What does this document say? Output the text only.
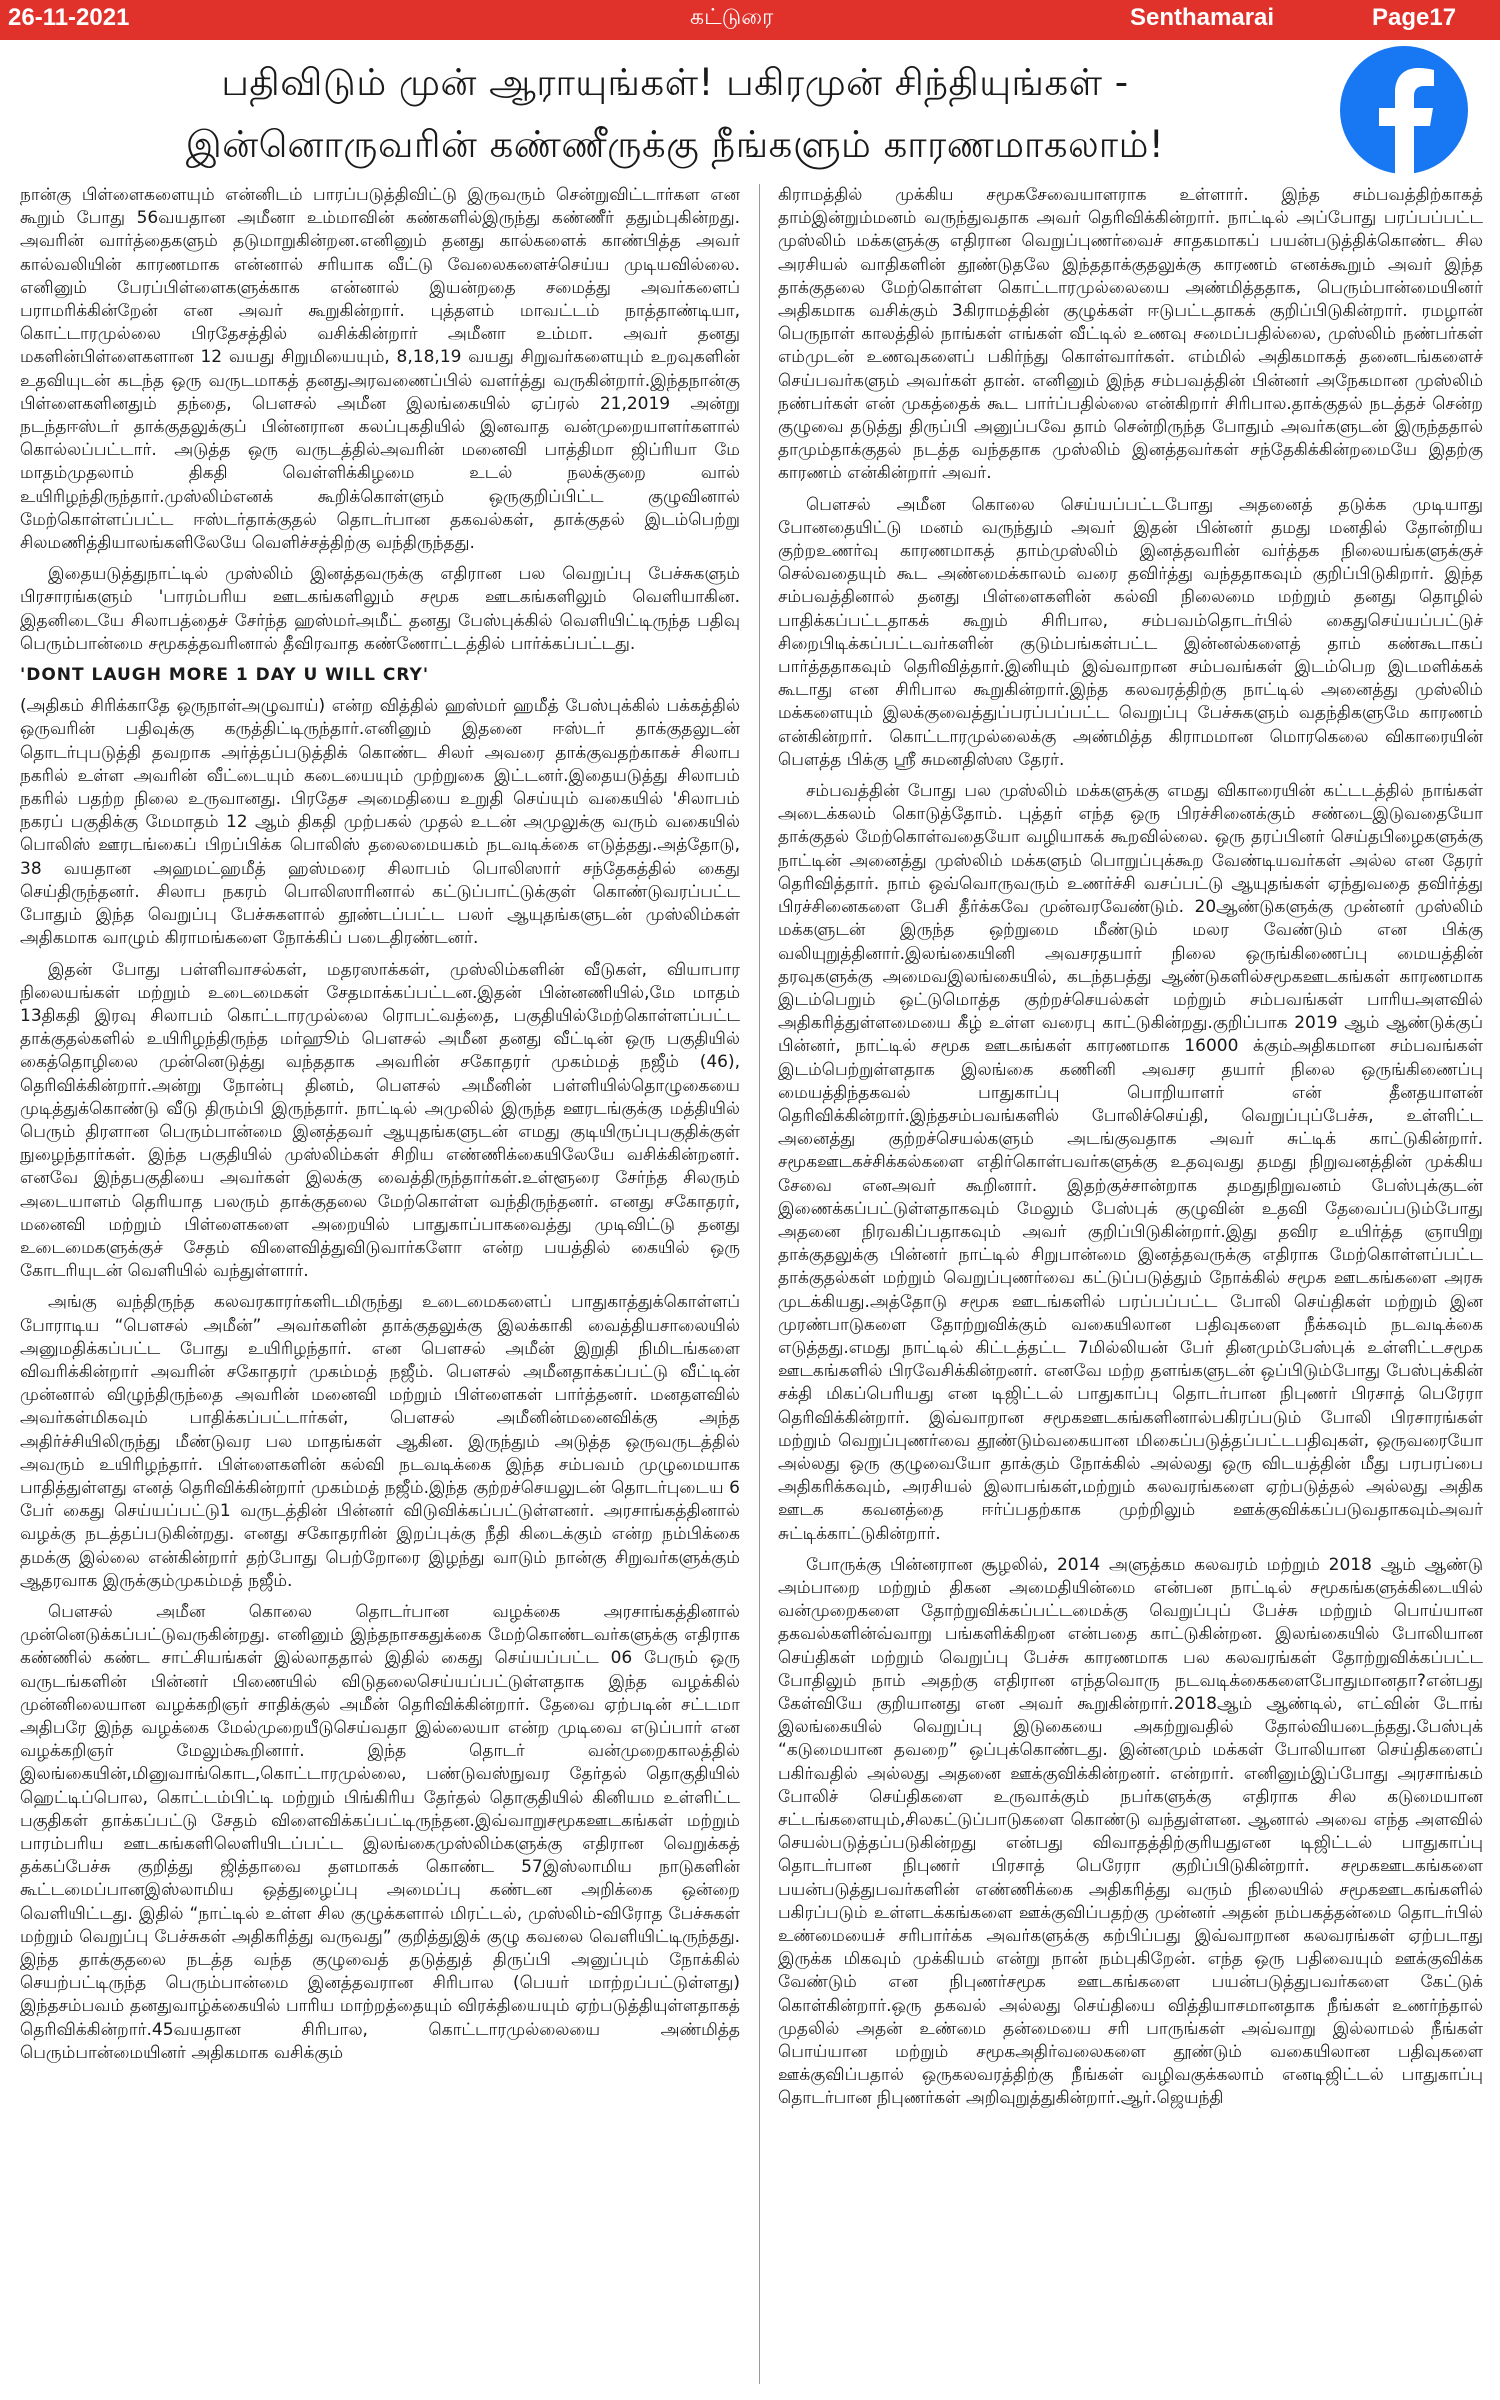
26-11-2021	கட்டுரை	Senthamarai	Page17
பதிவிடும் முன் ஆராயுங்கள்! பகிரமுன் சிந்தியுங்கள் -
இன்னொருவரின் கண்ணீருக்கு நீங்களும் காரணமாகலாம்!

நான்கு பிள்ளைகளையும் என்னிடம் பாரப்படுத்திவிட்டு இருவரும் சென்றுவிட்டார்கள என கூறும் போது 56வயதான அமீனா உம்மாவின் கண்களில்இருந்து கண்ணீர் ததும்புகின்றது. அவரின் வார்த்தைகளும் தடுமாறுகின்றன.எனினும் தனது கால்களைக் காண்பித்த அவர் கால்வலியின் காரணமாக என்னால் சரியாக வீட்டு வேலைகளைச்செய்ய முடியவில்லை. எனினும் பேரப்பிள்ளைகளுக்காக என்னால் இயன்றதை சமைத்து அவர்களைப் பராமரிக்கின்றேன் என அவர் கூறுகின்றார். புத்தளம் மாவட்டம் நாத்தாண்டியா, கொட்டாரமுல்லை பிரதேசத்தில் வசிக்கின்றார் அமீனா உம்மா. அவர் தனது மகளின்பிள்ளைகளான 12 வயது சிறுமியையும், 8,18,19 வயது சிறுவர்களையும் உறவுகளின் உதவியுடன் கடந்த ஒரு வருடமாகத் தனதுஅரவணைப்பில் வளர்த்து வருகின்றார்.இந்தநான்கு பிள்ளைகளினதும் தந்தை, பௌசல் அமீன இலங்கையில் ஏப்ரல் 21,2019 அன்று நடந்தஈஸ்டர் தாக்குதலுக்குப் பின்னரான கலப்புகதியில் இனவாத வன்முறையாளர்களால் கொல்லப்பட்டார். அடுத்த ஒரு வருடத்தில்அவரின் மனைவி பாத்திமா ஜிப்ரியா மே மாதம்முதலாம் திகதி வெள்ளிக்கிழமை உடல் நலக்குறை வால் உயிரிழந்திருந்தார்.முஸ்லிம்எனக் கூறிக்கொள்ளும் ஒருகுறிப்பிட்ட குழுவினால் மேற்கொள்ளப்பட்ட ஈஸ்டர்தாக்குதல் தொடர்பான தகவல்கள், தாக்குதல் இடம்பெற்று சிலமணித்தியாலங்களிலேயே வெளிச்சத்திற்கு வந்திருந்தது.

இதையடுத்துநாட்டில் முஸ்லிம் இனத்தவருக்கு எதிரான பல வெறுப்பு பேச்சுகளும் பிரசாரங்களும் 'பாரம்பரிய ஊடகங்களிலும் சமூக ஊடகங்களிலும் வெளியாகின. இதனிடையே சிலாபத்தைச் சேர்ந்த ஹஸ்மர்அமீட் தனது பேஸ்புக்கில் வெளியிட்டிருந்த பதிவு பெரும்பான்மை சமூகத்தவரினால் தீவிரவாத கண்ணோட்டத்தில் பார்க்கப்பட்டது.

'DONT LAUGH MORE 1 DAY U WILL CRY'

(அதிகம் சிரிக்காதே ஒருநாள்அழுவாய்) என்ற வித்தில் ஹஸ்மர் ஹமீத் பேஸ்புக்கில் பக்கத்தில் ஒருவரின் பதிவுக்கு கருத்திட்டிருந்தார்.எனினும் இதனை ஈஸ்டர் தாக்குதலுடன் தொடர்புபடுத்தி தவறாக அர்த்தப்படுத்திக் கொண்ட சிலர் அவரை தாக்குவதற்காகச் சிலாப நகரில் உள்ள அவரின் வீட்டையும் கடையையும் முற்றுகை இட்டனர்.இதையடுத்து சிலாபம் நகரில் பதற்ற நிலை உருவானது. பிரதேச அமைதியை உறுதி செய்யும் வகையில் 'சிலாபம் நகரப் பகுதிக்கு மேமாதம் 12 ஆம் திகதி முற்பகல் முதல் உடன் அமுலுக்கு வரும் வகையில் பொலிஸ் ஊரடங்கைப் பிறப்பிக்க பொலிஸ் தலைமையகம் நடவடிக்கை எடுத்தது.அத்தோடு, 38 வயதான அஹமட்ஹமீத் ஹஸ்மரை சிலாபம் பொலிஸார் சந்தேகத்தில் கைது செய்திருந்தனர். சிலாப நகரம் பொலிஸாரினால் கட்டுப்பாட்டுக்குள் கொண்டுவரப்பட்ட போதும் இந்த வெறுப்பு பேச்சுகளால் தூண்டப்பட்ட பலர் ஆயுதங்களுடன் முஸ்லிம்கள் அதிகமாக வாழும் கிராமங்களை நோக்கிப் படைதிரண்டனர்.

இதன் போது பள்ளிவாசல்கள், மதரஸாக்கள், முஸ்லிம்களின் வீடுகள், வியாபார நிலையங்கள் மற்றும் உடைமைகள் சேதமாக்கப்பட்டன.இதன் பின்னணியில்,மே மாதம் 13திகதி இரவு சிலாபம் கொட்டாரமுல்லை ரொபட்வத்தை, பகுதியில்மேற்கொள்ளப்பட்ட தாக்குதல்களில் உயிரிழந்திருந்த மர்ஹூம் பௌசல் அமீன தனது வீட்டின் ஒரு பகுதியில் கைத்தொழிலை முன்னெடுத்து வந்ததாக அவரின் சகோதரர் முகம்மத் நஜீம் (46), தெரிவிக்கின்றார்.அன்று நோன்பு தினம், பௌசல் அமீனின் பள்ளியில்தொழுகையை முடித்துக்கொண்டு வீடு திரும்பி இருந்தார். நாட்டில் அமுலில் இருந்த ஊரடங்குக்கு மத்தியில் பெரும் திரளான பெரும்பான்மை இனத்தவர் ஆயுதங்களுடன் எமது குடியிருப்புபகுதிக்குள் நுழைந்தார்கள். இந்த பகுதியில் முஸ்லிம்கள் சிறிய எண்ணிக்கையிலேயே வசிக்கின்றனர். எனவே இந்தபகுதியை அவர்கள் இலக்கு வைத்திருந்தார்கள்.உள்ளூரை சேர்ந்த சிலரும் அடையாளம் தெரியாத பலரும் தாக்குதலை மேற்கொள்ள வந்திருந்தனர். எனது சகோதரர், மனைவி மற்றும் பிள்ளைகளை அறையில் பாதுகாப்பாகவைத்து முடிவிட்டு தனது உடைமைகளுக்குச் சேதம் விளைவித்துவிடுவார்களோ என்ற பயத்தில் கையில் ஒரு கோடரியுடன் வெளியில் வந்துள்ளார்.

அங்கு வந்திருந்த கலவரகாரர்களிடமிருந்து உடைமைகளைப் பாதுகாத்துக்கொள்ளப் போராடிய “பௌசல் அமீன்” அவர்களின் தாக்குதலுக்கு இலக்காகி வைத்தியசாலையில் அனுமதிக்கப்பட்ட போது உயிரிழந்தார். என பௌசல் அமீன் இறுதி நிமிடங்களை விவரிக்கின்றார் அவரின் சகோதரர் முகம்மத் நஜீம். பௌசல் அமீனதாக்கப்பட்டு வீட்டின் முன்னால் விழுந்திருந்தை அவரின் மனைவி மற்றும் பிள்ளைகள் பார்த்தனர். மனதளவில் அவர்கள்மிகவும் பாதிக்கப்பட்டார்கள், பௌசல் அமீனின்மனைவிக்கு அந்த அதிர்ச்சியிலிருந்து மீண்டுவர பல மாதங்கள் ஆகின. இருந்தும் அடுத்த ஒருவருடத்தில் அவரும் உயிரிழந்தார். பிள்ளைகளின் கல்வி நடவடிக்கை இந்த சம்பவம் முழுமையாக பாதித்துள்ளது எனத் தெரிவிக்கின்றார் முகம்மத் நஜீம்.இந்த குற்றச்செயலுடன் தொடர்புடைய 6 பேர் கைது செய்யப்பட்டு1 வருடத்தின் பின்னர் விடுவிக்கப்பட்டுள்ளனர். அரசாங்கத்தினால் வழக்கு நடத்தப்படுகின்றது. எனது சகோதரரின் இறப்புக்கு நீதி கிடைக்கும் என்ற நம்பிக்கை தமக்கு இல்லை என்கின்றார் தற்போது பெற்றோரை இழந்து வாடும் நான்கு சிறுவர்களுக்கும் ஆதரவாக இருக்கும்முகம்மத் நஜீம்.

பௌசல் அமீன கொலை தொடர்பான வழக்கை அரசாங்கத்தினால் முன்னெடுக்கப்பட்டுவருகின்றது. எனினும் இந்தநாசகதுக்கை மேற்கொண்டவர்களுக்கு எதிராக கண்ணில் கண்ட சாட்சியங்கள் இல்லாததால் இதில் கைது செய்யப்பட்ட 06 பேரும் ஒரு வருடங்களின் பின்னர் பிணையில் விடுதலைசெய்யப்பட்டுள்ளதாக இந்த வழக்கில் முன்னிலையான வழக்கறிஞர் சாதிக்குல் அமீன் தெரிவிக்கின்றார். தேவை ஏற்படின் சட்டமா அதிபரே இந்த வழக்கை மேல்முறையீடுசெய்வதா இல்லையா என்ற முடிவை எடுப்பார் என வழக்கறிஞர் மேலும்கூறினார். இந்த தொடர் வன்முறைகாலத்தில் இலங்கையின்,மினுவாங்கொட,கொட்டாரமுல்லை, பண்டுவஸ்நுவர தேர்தல் தொகுதியில் ஹெட்டிப்பொல, கொட்டம்பிட்டி மற்றும் பிங்கிரிய தேர்தல் தொகுதியில் கினியம உள்ளிட்ட பகுதிகள் தாக்கப்பட்டு சேதம் விளைவிக்கப்பட்டிருந்தன.இவ்வாறுசமூகஊடகங்கள் மற்றும் பாரம்பரிய ஊடகங்களிலெளியிடப்பட்ட இலங்கைமுஸ்லிம்களுக்கு எதிரான வெறுக்கத் தக்கப்பேச்சு குறித்து ஜித்தாவை தளமாகக் கொண்ட 57இஸ்லாமிய நாடுகளின் கூட்டமைப்பானஇஸ்லாமிய ஒத்துழைப்பு அமைப்பு கண்டன அறிக்கை ஒன்றை வெளியிட்டது. இதில் “நாட்டில் உள்ள சில குழுக்களால் மிரட்டல், முஸ்லிம்-விரோத பேச்சுகள் மற்றும் வெறுப்பு பேச்சுகள் அதிகரித்து வருவது” குறித்துஇக் குழு கவலை வெளியிட்டிருந்தது. இந்த தாக்குதலை நடத்த வந்த குழுவைத் தடுத்துத் திருப்பி அனுப்பும் நோக்கில் செயற்பட்டிருந்த பெரும்பான்மை இனத்தவரான சிரிபால (பெயர் மாற்றப்பட்டுள்ளது) இந்தசம்பவம் தனதுவாழ்க்கையில் பாரிய மாற்றத்தையும் விரக்தியையும் ஏற்படுத்தியுள்ளதாகத் தெரிவிக்கின்றார்.45வயதான சிரிபால, கொட்டாரமுல்லையை அண்மித்த பெரும்பான்மையினர் அதிகமாக வசிக்கும்

கிராமத்தில் முக்கிய சமூகசேவையாளராக உள்ளார். இந்த சம்பவத்திற்காகத் தாம்இன்றும்மனம் வருந்துவதாக அவர் தெரிவிக்கின்றார். நாட்டில் அப்போது பரப்பப்பட்ட முஸ்லிம் மக்களுக்கு எதிரான வெறுப்புணர்வைச் சாதகமாகப் பயன்படுத்திக்கொண்ட சில அரசியல் வாதிகளின் தூண்டுதலே இந்ததாக்குதலுக்கு காரணம் எனக்கூறும் அவர் இந்த தாக்குதலை மேற்கொள்ள கொட்டாரமுல்லையை அண்மித்ததாக, பெரும்பான்மையினர் அதிகமாக வசிக்கும் 3கிராமத்தின் குழுக்கள் ஈடுபட்டதாகக் குறிப்பிடுகின்றார். ரமழான் பெருநாள் காலத்தில் நாங்கள் எங்கள் வீட்டில் உணவு சமைப்பதில்லை, முஸ்லிம் நண்பர்கள் எம்முடன் உணவுகளைப் பகிர்ந்து கொள்வார்கள். எம்மில் அதிகமாகத் தனைடங்களைச் செய்பவர்களும் அவர்கள் தான். எனினும் இந்த சம்பவத்தின் பின்னர் அநேகமான முஸ்லிம் நண்பர்கள் என் முகத்தைக் கூட பார்ப்பதில்லை என்கிறார் சிரிபால.தாக்குதல் நடத்தச் சென்ற குழுவை தடுத்து திருப்பி அனுப்பவே தாம் சென்றிருந்த போதும் அவர்களுடன் இருந்ததால் தாமும்தாக்குதல் நடத்த வந்ததாக முஸ்லிம் இனத்தவர்கள் சந்தேகிக்கின்றமையே இதற்கு காரணம் என்கின்றார் அவர்.

பௌசல் அமீன கொலை செய்யப்பட்டபோது அதனைத் தடுக்க முடியாது போனதையிட்டு மனம் வருந்தும் அவர் இதன் பின்னர் தமது மனதில் தோன்றிய குற்றஉணர்வு காரணமாகத் தாம்முஸ்லிம் இனத்தவரின் வர்த்தக நிலையங்களுக்குச் செல்வதையும் கூட அண்மைக்காலம் வரை தவிர்த்து வந்ததாகவும் குறிப்பிடுகிறார். இந்த சம்பவத்தினால் தனது பிள்ளைகளின் கல்வி நிலைமை மற்றும் தனது தொழில் பாதிக்கப்பட்டதாகக் கூறும் சிரிபால, சம்பவம்தொடர்பில் கைதுசெய்யப்பட்டுச் சிறைபிடிக்கப்பட்டவர்களின் குடும்பங்கள்பட்ட இன்னல்களைத் தாம் கண்கூடாகப் பார்த்ததாகவும் தெரிவித்தார்.இனியும் இவ்வாறான சம்பவங்கள் இடம்பெற இடமளிக்கக் கூடாது என சிரிபால கூறுகின்றார்.இந்த கலவரத்திற்கு நாட்டில் அனைத்து முஸ்லிம் மக்களையும் இலக்குவைத்துப்பரப்பப்பட்ட வெறுப்பு பேச்சுகளும் வதந்திகளுமே காரணம் என்கின்றார். கொட்டாரமுல்லைக்கு அண்மித்த கிராமமான மொரகெலை விகாரையின் பௌத்த பிக்கு ஸ்ரீ சுமனதிஸ்ஸ தேரர்.

சம்பவத்தின் போது பல முஸ்லிம் மக்களுக்கு எமது விகாரையின் கட்டடத்தில் நாங்கள் அடைக்கலம் கொடுத்தோம். புத்தர் எந்த ஒரு பிரச்சினைக்கும் சண்டைஇடுவதையோ தாக்குதல் மேற்கொள்வதையோ வழியாகக் கூறவில்லை. ஒரு தரப்பினர் செய்தபிழைகளுக்கு நாட்டின் அனைத்து முஸ்லிம் மக்களும் பொறுப்புக்கூற வேண்டியவர்கள் அல்ல என தேரர் தெரிவித்தார். நாம் ஒவ்வொருவரும் உணர்ச்சி வசப்பட்டு ஆயுதங்கள் ஏந்துவதை தவிர்த்து பிரச்சினைகளை பேசி தீர்க்கவே முன்வரவேண்டும். 20ஆண்டுகளுக்கு முன்னர் முஸ்லிம் மக்களுடன் இருந்த ஒற்றுமை மீண்டும் மலர வேண்டும் என பிக்கு வலியுறுத்தினார்.இலங்கையினி அவசரதயார் நிலை ஒருங்கிணைப்பு மையத்தின் தரவுகளுக்கு அமைவஇலங்கையில், கடந்தபத்து ஆண்டுகளில்சமூகஊடகங்கள் காரணமாக இடம்பெறும் ஒட்டுமொத்த குற்றச்செயல்கள் மற்றும் சம்பவங்கள் பாரியஅளவில் அதிகரித்துள்ளமையை கீழ் உள்ள வரைபு காட்டுகின்றது.குறிப்பாக 2019 ஆம் ஆண்டுக்குப் பின்னர், நாட்டில் சமூக ஊடகங்கள் காரணமாக 16000 க்கும்அதிகமான சம்பவங்கள் இடம்பெற்றுள்ளதாக இலங்கை கணினி அவசர தயார் நிலை ஒருங்கிணைப்பு மையத்திந்தகவல் பாதுகாப்பு பொறியாளர் என் தீனதயாளன் தெரிவிக்கின்றார்.இந்தசம்பவங்களில் போலிச்செய்தி, வெறுப்புப்பேச்சு, உள்ளிட்ட அனைத்து குற்றச்செயல்களும் அடங்குவதாக அவர் சுட்டிக் காட்டுகின்றார். சமூகஊடகச்சிக்கல்களை எதிர்கொள்பவர்களுக்கு உதவுவது தமது நிறுவனத்தின் முக்கிய சேவை எனஅவர் கூறினார். இதற்குச்சான்றாக தமதுநிறுவனம் பேஸ்புக்குடன் இணைக்கப்பட்டுள்ளதாகவும் மேலும் பேஸ்புக் குழுவின் உதவி தேவைப்படும்போது அதனை நிரவகிப்பதாகவும் அவர் குறிப்பிடுகின்றார்.இது தவிர உயிர்த்த ஞாயிறு தாக்குதலுக்கு பின்னர் நாட்டில் சிறுபான்மை இனத்தவருக்கு எதிராக மேற்கொள்ளப்பட்ட தாக்குதல்கள் மற்றும் வெறுப்புணர்வை கட்டுப்படுத்தும் நோக்கில் சமூக ஊடகங்களை அரசு முடக்கியது.அத்தோடு சமூக ஊடங்களில் பரப்பப்பட்ட போலி செய்திகள் மற்றும் இன முரண்பாடுகளை தோற்றுவிக்கும் வகையிலான பதிவுகளை நீக்கவும் நடவடிக்கை எடுத்தது.எமது நாட்டில் கிட்டத்தட்ட 7மில்லியன் பேர் தினமும்பேஸ்புக் உள்ளிட்டசமூக ஊடகங்களில் பிரவேசிக்கின்றனர். எனவே மற்ற தளங்களுடன் ஒப்பிடும்போது பேஸ்புக்கின் சக்தி மிகப்பெரியது என டிஜிட்டல் பாதுகாப்பு தொடர்பான நிபுணர் பிரசாத் பெரேரா தெரிவிக்கின்றார். இவ்வாறான சமூகஊடகங்களினால்பகிரப்படும் போலி பிரசாரங்கள் மற்றும் வெறுப்புணர்வை தூண்டும்வகையான மிகைப்படுத்தப்பட்டபதிவுகள், ஒருவரையோ அல்லது ஒரு குழுவையோ தாக்கும் நோக்கில் அல்லது ஒரு விடயத்தின் மீது பரபரப்பை அதிகரிக்கவும், அரசியல் இலாபங்கள்,மற்றும் கலவரங்களை ஏற்படுத்தல் அல்லது அதிக ஊடக கவனத்தை ஈர்ப்பதற்காக முற்றிலும் ஊக்குவிக்கப்படுவதாகவும்அவர் சுட்டிக்காட்டுகின்றார்.

போருக்கு பின்னரான சூழலில், 2014 அளுத்கம கலவரம் மற்றும் 2018 ஆம் ஆண்டு அம்பாறை மற்றும் திகன அமைதியின்மை என்பன நாட்டில் சமூகங்களுக்கிடையில் வன்முறைகளை தோற்றுவிக்கப்பட்டமைக்கு வெறுப்புப் பேச்சு மற்றும் பொய்யான தகவல்களின்வ்வாறு பங்களிக்கிறன என்பதை காட்டுகின்றன. இலங்கையில் போலியான செய்திகள் மற்றும் வெறுப்பு பேச்சு காரணமாக பல கலவரங்கள் தோற்றுவிக்கப்பட்ட போதிலும் நாம் அதற்கு எதிரான எந்தவொரு நடவடிக்கைகளைபோதுமானதா?என்பது கேள்வியே குறியானது என அவர் கூறுகின்றார்.2018ஆம் ஆண்டில், எட்வின் டோங் இலங்கையில் வெறுப்பு இடுகையை அகற்றுவதில் தோல்வியடைந்தது.பேஸ்புக் “கடுமையான தவறை” ஒப்புக்கொண்டது. இன்னமும் மக்கள் போலியான செய்திகளைப் பகிர்வதில் அல்லது அதனை ஊக்குவிக்கின்றனர். என்றார். எனினும்இப்போது அரசாங்கம் போலிச் செய்திகளை உருவாக்கும் நபர்களுக்கு எதிராக சில கடுமையான சட்டங்களையும்,சிலகட்டுப்பாடுகளை கொண்டு வந்துள்ளன. ஆனால் அவை எந்த அளவில் செயல்படுத்தப்படுகின்றது என்பது விவாதத்திற்குரியதுஎன டிஜிட்டல் பாதுகாப்பு தொடர்பான நிபுணர் பிரசாத் பெரேரா குறிப்பிடுகின்றார். சமூகஊடகங்களை பயன்படுத்துபவர்களின் எண்ணிக்கை அதிகரித்து வரும் நிலையில் சமூகஊடகங்களில் பகிரப்படும் உள்ளடக்கங்களை ஊக்குவிப்பதற்கு முன்னர் அதன் நம்பகத்தன்மை தொடர்பில் உண்மையைச் சரிபார்க்க அவர்களுக்கு கற்பிப்பது இவ்வாறான கலவரங்கள் ஏற்படாது இருக்க மிகவும் முக்கியம் என்று நான் நம்புகிறேன். எந்த ஒரு பதிவையும் ஊக்குவிக்க வேண்டும் என நிபுணர்சமூக ஊடகங்களை பயன்படுத்துபவர்களை கேட்டுக் கொள்கின்றார்.ஒரு தகவல் அல்லது செய்தியை வித்தியாசமானதாக நீங்கள் உணர்ந்தால் முதலில் அதன் உண்மை தன்மையை சரி பாருங்கள் அவ்வாறு இல்லாமல் நீங்கள் பொய்யான மற்றும் சமூகஅதிர்வலைகளை தூண்டும் வகையிலான பதிவுகளை ஊக்குவிப்பதால் ஒருகலவரத்திற்கு நீங்கள் வழிவகுக்கலாம் எனடிஜிட்டல் பாதுகாப்பு தொடர்பான நிபுணர்கள் அறிவுறுத்துகின்றார்.ஆர்.ஜெயந்தி
